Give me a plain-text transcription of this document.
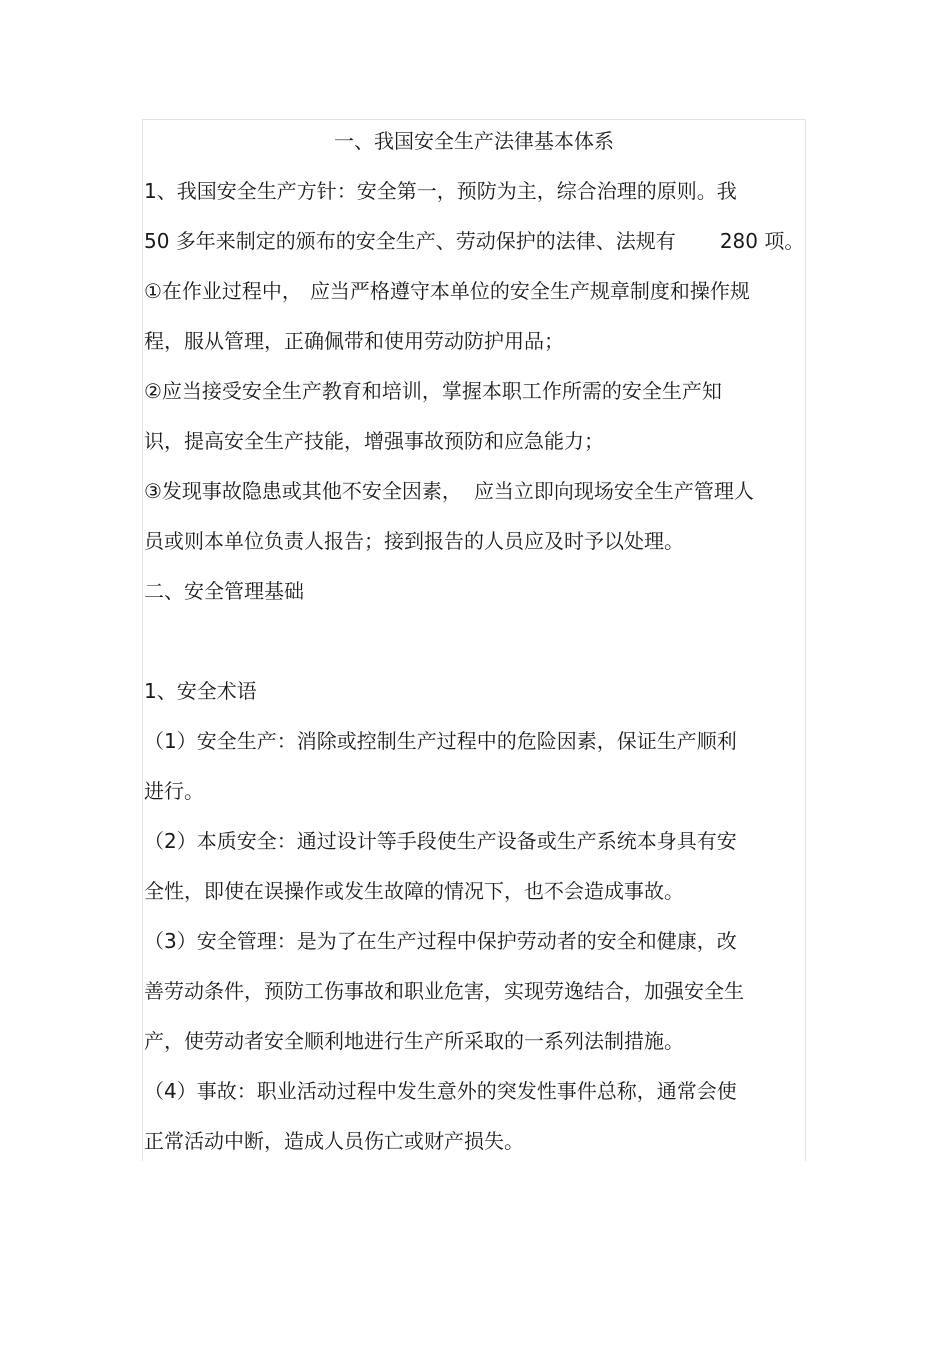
一、我国安全生产法律基本体系
1、我国安全生产方针：安全第一，预防为主，综合治理的原则。我
50 多年来制定的颁布的安全生产、劳动保护的法律、法规有 280 项。
①在作业过程中， 应当严格遵守本单位的安全生产规章制度和操作规
程，服从管理，正确佩带和使用劳动防护用品；
②应当接受安全生产教育和培训，掌握本职工作所需的安全生产知
识，提高安全生产技能，增强事故预防和应急能力；
③发现事故隐患或其他不安全因素， 应当立即向现场安全生产管理人
员或则本单位负责人报告；接到报告的人员应及时予以处理。
二、安全管理基础
1、安全术语
（1）安全生产：消除或控制生产过程中的危险因素，保证生产顺利
进行。
（2）本质安全：通过设计等手段使生产设备或生产系统本身具有安
全性，即使在误操作或发生故障的情况下，也不会造成事故。
（3）安全管理：是为了在生产过程中保护劳动者的安全和健康，改
善劳动条件，预防工伤事故和职业危害，实现劳逸结合，加强安全生
产，使劳动者安全顺利地进行生产所采取的一系列法制措施。
（4）事故：职业活动过程中发生意外的突发性事件总称，通常会使
正常活动中断，造成人员伤亡或财产损失。
